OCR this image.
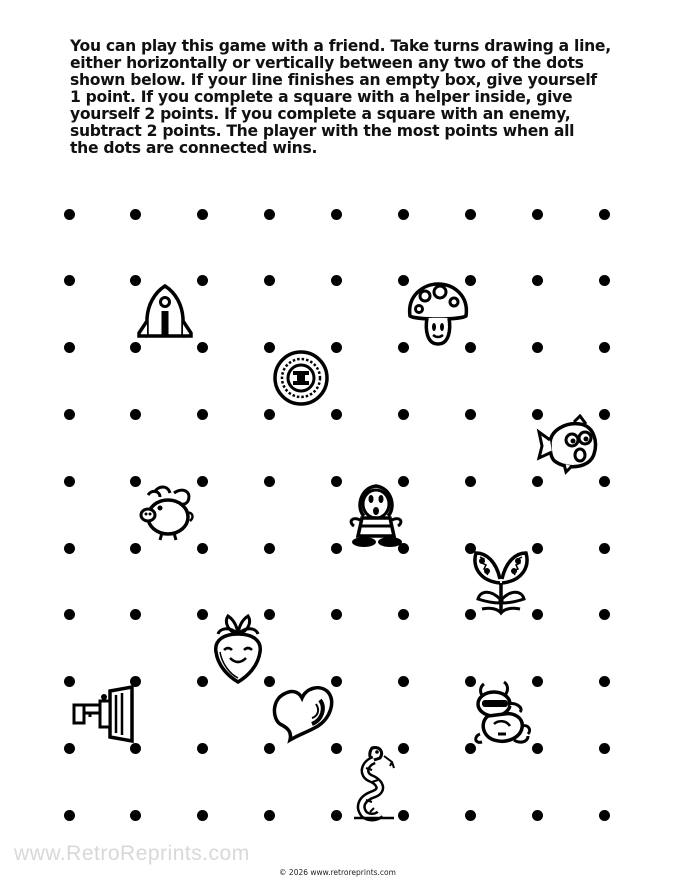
You can play this game with a friend. Take turns drawing a line,
either horizontally or vertically between any two of the dots
shown below. If your line finishes an empty box, give yourself
1 point. If you complete a square with a helper inside, give
yourself 2 points. If you complete a square with an enemy,
subtract 2 points. The player with the most points when all
the dots are connected wins.
www.RetroReprints.com
© 2026 www.retroreprints.com
